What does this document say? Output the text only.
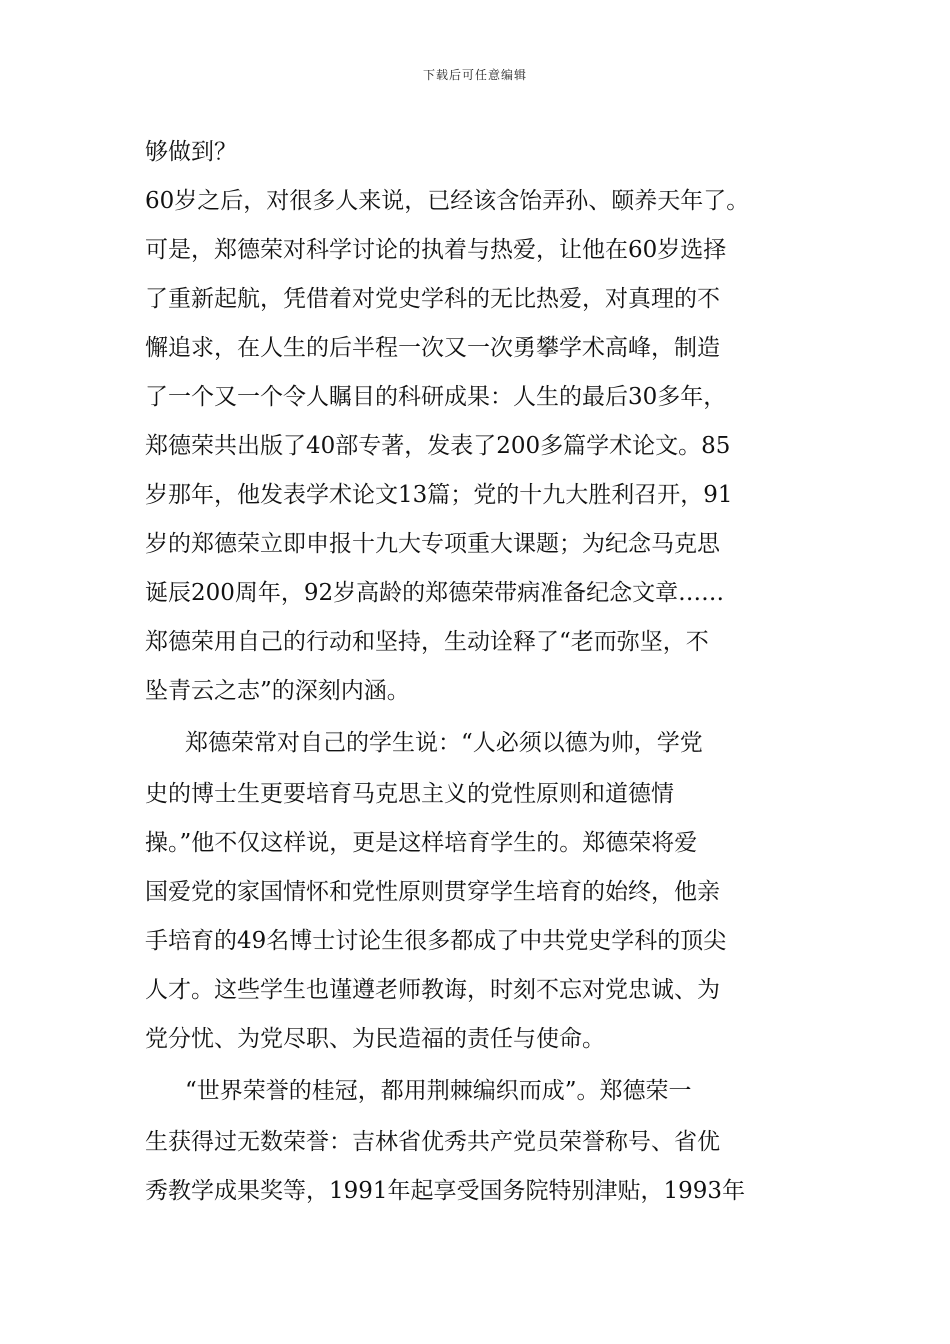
下载后可任意编辑
够做到？
60岁之后，对很多人来说，已经该含饴弄孙、颐养天年了。
可是，郑德荣对科学讨论的执着与热爱，让他在60岁选择
了重新起航，凭借着对党史学科的无比热爱，对真理的不
懈追求，在人生的后半程一次又一次勇攀学术高峰，制造
了一个又一个令人瞩目的科研成果：人生的最后30多年，
郑德荣共出版了40部专著，发表了200多篇学术论文。85
岁那年，他发表学术论文13篇；党的十九大胜利召开，91
岁的郑德荣立即申报十九大专项重大课题；为纪念马克思
诞辰200周年，92岁高龄的郑德荣带病准备纪念文章……
郑德荣用自己的行动和坚持，生动诠释了“老而弥坚，不
坠青云之志”的深刻内涵。
郑德荣常对自己的学生说：“人必须以德为帅，学党
史的博士生更要培育马克思主义的党性原则和道德情
操。”他不仅这样说，更是这样培育学生的。郑德荣将爱
国爱党的家国情怀和党性原则贯穿学生培育的始终，他亲
手培育的49名博士讨论生很多都成了中共党史学科的顶尖
人才。这些学生也谨遵老师教诲，时刻不忘对党忠诚、为
党分忧、为党尽职、为民造福的责任与使命。
“世界荣誉的桂冠，都用荆棘编织而成”。郑德荣一
生获得过无数荣誉：吉林省优秀共产党员荣誉称号、省优
秀教学成果奖等，1991年起享受国务院特别津贴，1993年
